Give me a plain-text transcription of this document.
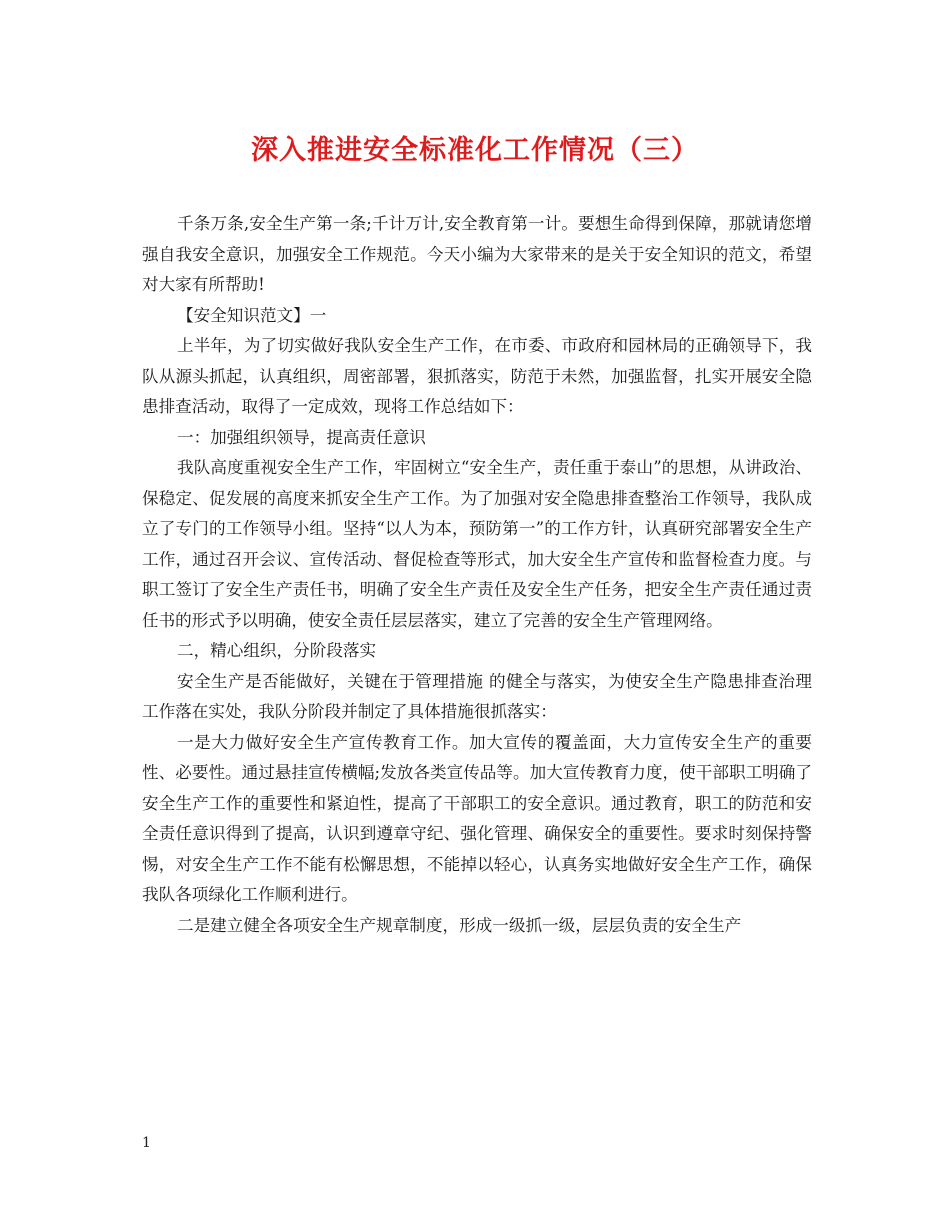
深入推进安全标准化工作情况（三）

千条万条,安全生产第一条;千计万计,安全教育第一计。要想生命得到保障，那就请您增强自我安全意识，加强安全工作规范。今天小编为大家带来的是关于安全知识的范文，希望对大家有所帮助!

【安全知识范文】一

上半年，为了切实做好我队安全生产工作，在市委、市政府和园林局的正确领导下，我队从源头抓起，认真组织，周密部署，狠抓落实，防范于未然，加强监督，扎实开展安全隐患排查活动，取得了一定成效，现将工作总结如下：

一：加强组织领导，提高责任意识

我队高度重视安全生产工作，牢固树立“安全生产，责任重于泰山”的思想，从讲政治、保稳定、促发展的高度来抓安全生产工作。为了加强对安全隐患排查整治工作领导，我队成立了专门的工作领导小组。坚持“以人为本，预防第一”的工作方针，认真研究部署安全生产工作，通过召开会议、宣传活动、督促检查等形式，加大安全生产宣传和监督检查力度。与职工签订了安全生产责任书，明确了安全生产责任及安全生产任务，把安全生产责任通过责任书的形式予以明确，使安全责任层层落实，建立了完善的安全生产管理网络。

二，精心组织，分阶段落实

安全生产是否能做好，关键在于管理措施 的健全与落实，为使安全生产隐患排查治理工作落在实处，我队分阶段并制定了具体措施很抓落实：

一是大力做好安全生产宣传教育工作。加大宣传的覆盖面，大力宣传安全生产的重要性、必要性。通过悬挂宣传横幅;发放各类宣传品等。加大宣传教育力度，使干部职工明确了安全生产工作的重要性和紧迫性，提高了干部职工的安全意识。通过教育，职工的防范和安全责任意识得到了提高，认识到遵章守纪、强化管理、确保安全的重要性。要求时刻保持警惕，对安全生产工作不能有松懈思想，不能掉以轻心，认真务实地做好安全生产工作，确保我队各项绿化工作顺利进行。

二是建立健全各项安全生产规章制度，形成一级抓一级，层层负责的安全生产

1
